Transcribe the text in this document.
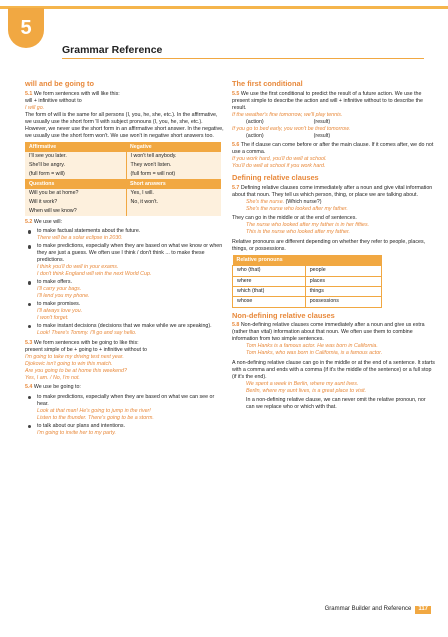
5
Grammar Reference
will and be going to

5.1 We form sentences with will like this:
will + infinitive without to
I will go.
The form of will is the same for all persons (I, you, he, she, etc.). In the affirmative, we usually use the short form 'll with subject pronouns (I, you, he, she, etc.). However, we never use the short form in an affirmative short answer. In the negative, we usually use the short form won't. We use won't in negative short answers too.

Affirmative	Negative
I'll see you later.	I won't tell anybody.
She'll be angry.	They won't listen.
(full form = will)	(full form = will not)
Questions	Short answers
Will you be at home?	Yes, I will.
Will it work?	No, it won't.
When will we know?	

5.2 We use will:

to make factual statements about the future.
There will be a solar eclipse in 2030.
to make predictions, especially when they are based on what we know or when they are just a guess. We often use I think / don't think ... to make these predictions.
I think you'll do well in your exams.
I don't think England will win the next World Cup.
to make offers.
I'll carry your bags.
I'll lend you my phone.
to make promises.
I'll always love you.
I won't forget.
to make instant decisions (decisions that we make while we are speaking).
Look! There's Tommy. I'll go and say hello.

5.3 We form sentences with be going to like this:
present simple of be + going to + infinitive without to
I'm going to take my driving test next year.
Djokovic isn't going to win this match.
Are you going to be at home this weekend?
Yes, I am. / No, I'm not.

5.4 We use be going to:

to make predictions, especially when they are based on what we can see or hear.
Look at that man! He's going to jump in the river!
Listen to the thunder. There's going to be a storm.
to talk about our plans and intentions.
I'm going to invite her to my party.
The first conditional

5.5 We use the first conditional to predict the result of a future action. We use the present simple to describe the action and will + infinitive without to to describe the result.
If the weather's fine tomorrow, we'll play tennis.
(action)	(result)
If you go to bed early, you won't be tired tomorrow.
(action)	(result)

5.6 The if clause can come before or after the main clause. If it comes after, we do not use a comma.
If you work hard, you'll do well at school.
You'll do well at school if you work hard.

Defining relative clauses

5.7 Defining relative clauses come immediately after a noun and give vital information about that noun. They tell us which person, thing, or place we are talking about.
She's the nurse. (Which nurse?)
She's the nurse who looked after my father.

They can go in the middle or at the end of sentences.
The nurse who looked after my father is in her fifties.
This is the nurse who looked after my father.

Relative pronouns are different depending on whether they refer to people, places, things, or possessions.

Relative pronouns	
who (that)	people
where	places
which (that)	things
whose	possessions
Non-defining relative clauses

5.8 Non-defining relative clauses come immediately after a noun and give us extra (rather than vital) information about that noun. We often use them to combine information from two simple sentences.
Tom Hanks is a famous actor. He was born in California.
Tom Hanks, who was born in California, is a famous actor.

A non-defining relative clause can go in the middle or at the end of a sentence. It starts with a comma and ends with a comma (if it's the middle of the sentence) or a full stop (if it's the end).
We spent a week in Berlin, where my aunt lives.
Berlin, where my aunt lives, is a great place to visit.

In a non-defining relative clause, we can never omit the relative pronoun, nor can we replace who or which with that.

Grammar Builder and Reference 117
